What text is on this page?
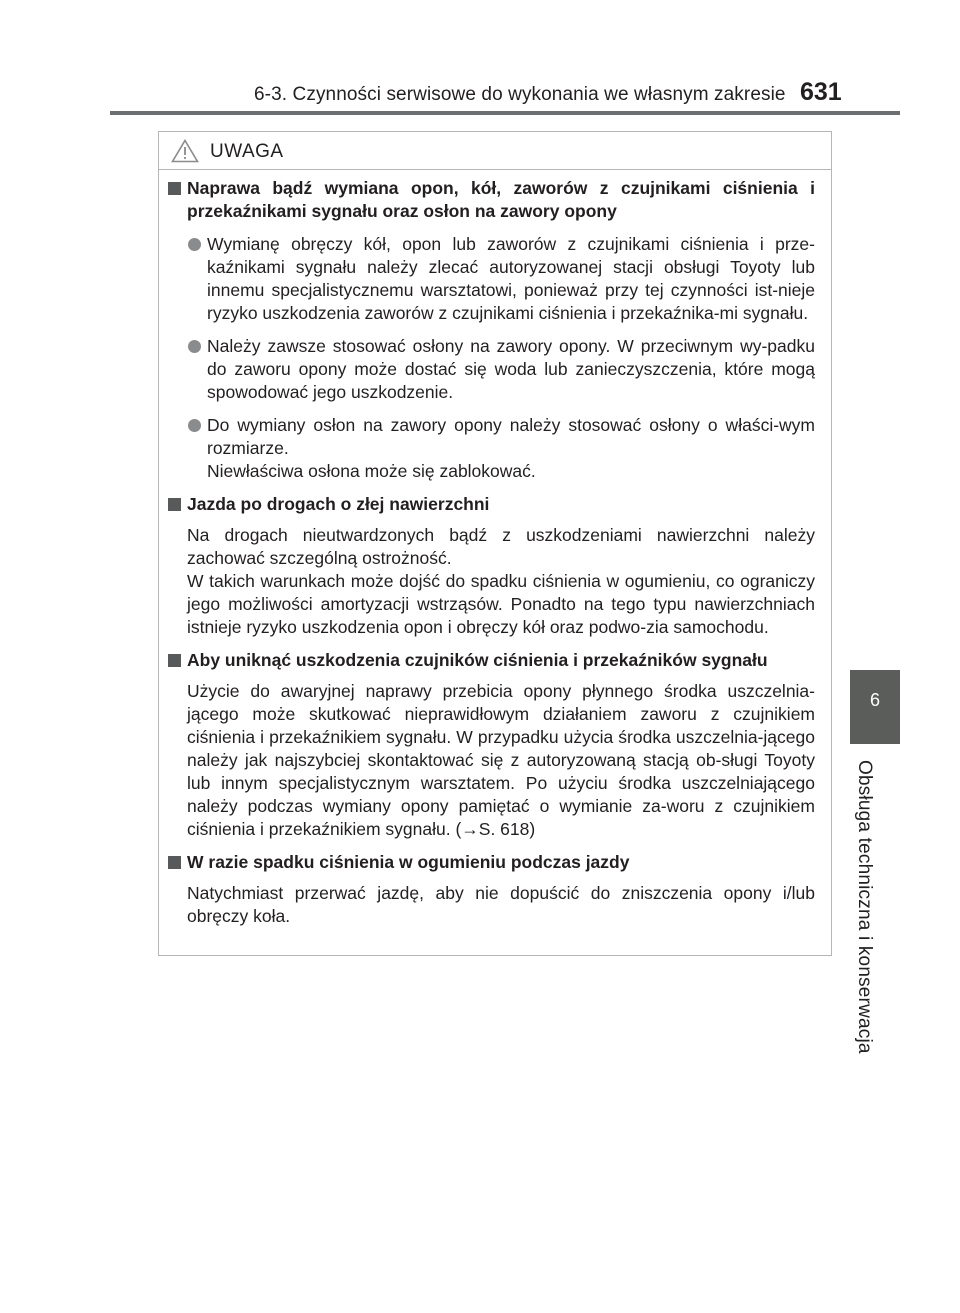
6-3. Czynności serwisowe do wykonania we własnym zakresie 631
6
Obsługa techniczna i konserwacja
UWAGA
Naprawa bądź wymiana opon, kół, zaworów z czujnikami ciśnienia i przekaźnikami sygnału oraz osłon na zawory opony
Wymianę obręczy kół, opon lub zaworów z czujnikami ciśnienia i prze-kaźnikami sygnału należy zlecać autoryzowanej stacji obsługi Toyoty lub innemu specjalistycznemu warsztatowi, ponieważ przy tej czynności ist-nieje ryzyko uszkodzenia zaworów z czujnikami ciśnienia i przekaźnika-mi sygnału.
Należy zawsze stosować osłony na zawory opony. W przeciwnym wy-padku do zaworu opony może dostać się woda lub zanieczyszczenia, które mogą spowodować jego uszkodzenie.
Do wymiany osłon na zawory opony należy stosować osłony o właści-wym rozmiarze.
Niewłaściwa osłona może się zablokować.
Jazda po drogach o złej nawierzchni
Na drogach nieutwardzonych bądź z uszkodzeniami nawierzchni należy zachować szczególną ostrożność.
W takich warunkach może dojść do spadku ciśnienia w ogumieniu, co ograniczy jego możliwości amortyzacji wstrząsów. Ponadto na tego typu nawierzchniach istnieje ryzyko uszkodzenia opon i obręczy kół oraz podwo-zia samochodu.
Aby uniknąć uszkodzenia czujników ciśnienia i przekaźników sygnału
Użycie do awaryjnej naprawy przebicia opony płynnego środka uszczelnia-jącego może skutkować nieprawidłowym działaniem zaworu z czujnikiem ciśnienia i przekaźnikiem sygnału. W przypadku użycia środka uszczelnia-jącego należy jak najszybciej skontaktować się z autoryzowaną stacją ob-sługi Toyoty lub innym specjalistycznym warsztatem. Po użyciu środka uszczelniającego należy podczas wymiany opony pamiętać o wymianie za-woru z czujnikiem ciśnienia i przekaźnikiem sygnału. (→S. 618)
W razie spadku ciśnienia w ogumieniu podczas jazdy
Natychmiast przerwać jazdę, aby nie dopuścić do zniszczenia opony i/lub obręczy koła.
